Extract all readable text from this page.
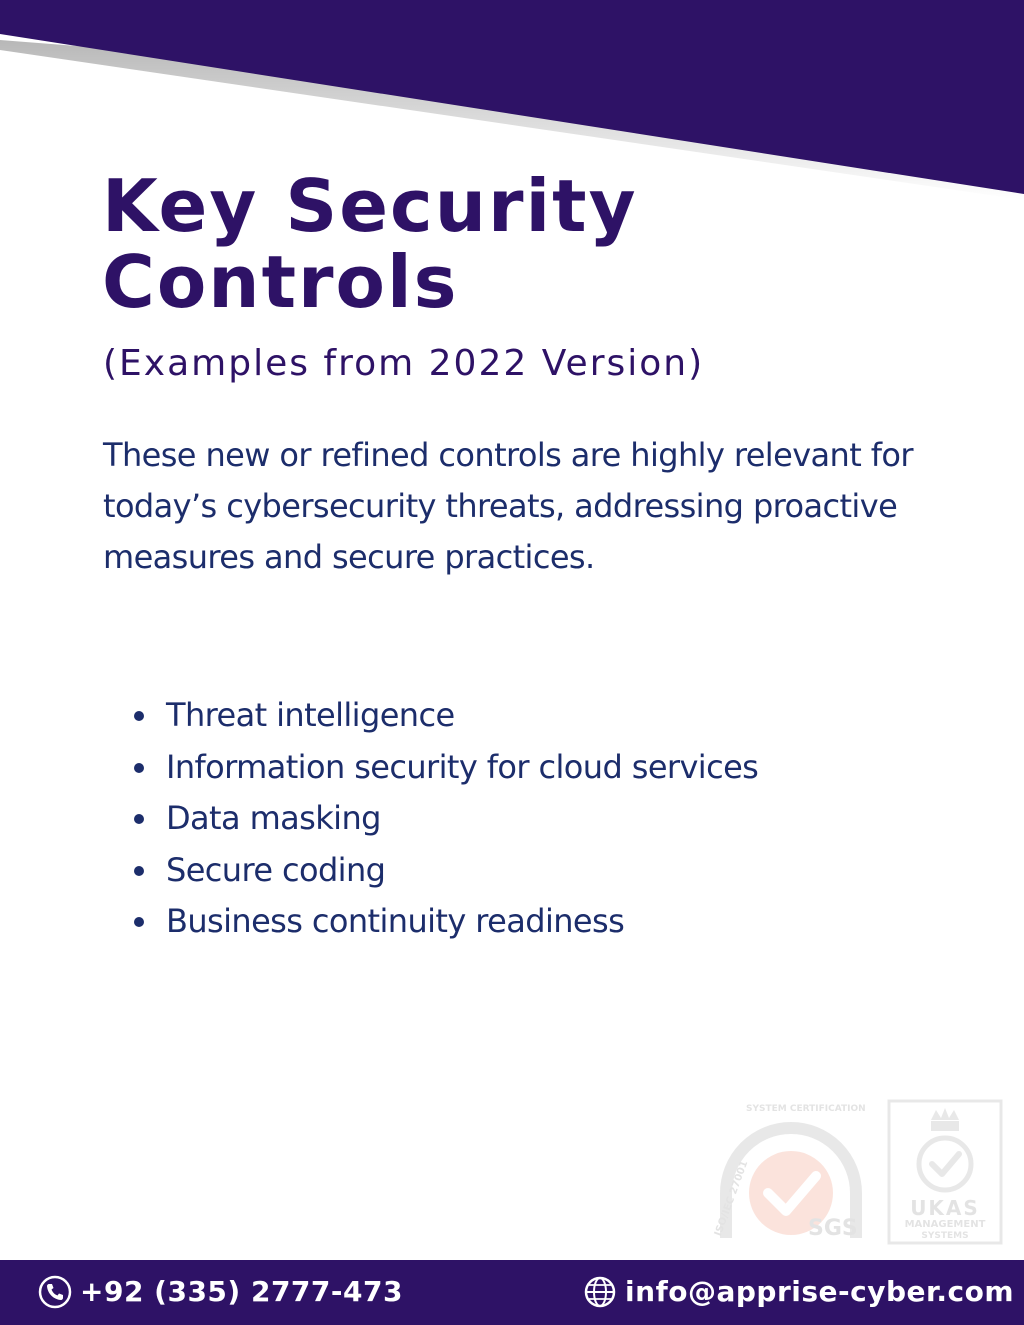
Key Security
Controls

(Examples from 2022 Version)

These new or refined controls are highly relevant for today’s cybersecurity threats, addressing proactive measures and secure practices.

Threat intelligence
Information security for cloud services
Data masking
Secure coding
Business continuity readiness
SYSTEM CERTIFICATION
ISO/IEC 27001	SGS
UKAS
MANAGEMENT
SYSTEMS
+92 (335) 2777-473	info@apprise-cyber.com
